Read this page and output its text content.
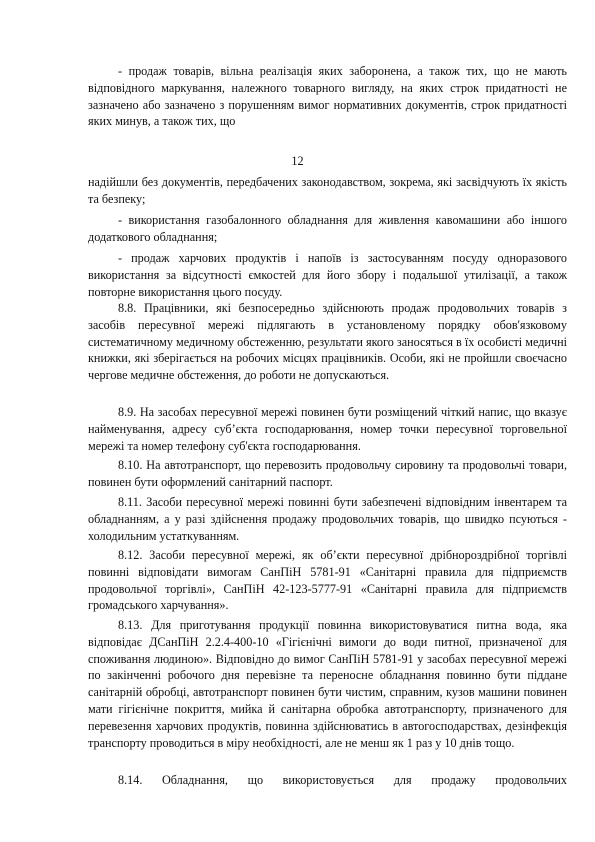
- продаж товарів, вільна реалізація яких заборонена, а також тих, що не мають відповідного маркування, належного товарного вигляду, на яких строк придатності не зазначено або зазначено з порушенням вимог нормативних документів, строк придатності яких минув, а також тих, що

12

надійшли без документів, передбачених законодавством, зокрема, які засвідчують їх якість та безпеку;

- використання газобалонного обладнання для живлення кавомашини або іншого додаткового обладнання;

- продаж харчових продуктів і напоїв із застосуванням посуду одноразового використання за відсутності ємкостей для його збору і подальшої утилізації, а також повторне використання цього посуду.

8.8. Працівники, які безпосередньо здійснюють продаж продовольчих товарів з засобів пересувної мережі підлягають в установленому порядку обов'язковому систематичному медичному обстеженню, результати якого заносяться в їх особисті медичні книжки, які зберігається на робочих місцях працівників. Особи, які не пройшли своєчасно чергове медичне обстеження, до роботи не допускаються.

8.9. На засобах пересувної мережі повинен бути розміщений чіткий напис, що вказує найменування, адресу суб’єкта господарювання, номер точки пересувної торговельної мережі та номер телефону суб'єкта господарювання.

8.10. На автотранспорт, що перевозить продовольчу сировину та продовольчі товари, повинен бути оформлений санітарний паспорт.

8.11. Засоби пересувної мережі повинні бути забезпечені відповідним інвентарем та обладнанням, а у разі здійснення продажу продовольчих товарів, що швидко псуються - холодильним устаткуванням.

8.12. Засоби пересувної мережі, як об’єкти пересувної дрібнороздрібної торгівлі повинні відповідати вимогам СанПіН 5781-91 «Санітарні правила для підприємств продовольчої торгівлі», СанПіН 42-123-5777-91 «Санітарні правила для підприємств громадського харчування».

8.13. Для приготування продукції повинна використовуватися питна вода, яка відповідає ДСанПіН 2.2.4-400-10 «Гігієнічні вимоги до води питної, призначеної для споживання людиною». Відповідно до вимог СанПіН 5781-91 у засобах пересувної мережі по закінченні робочого дня перевізне та переносне обладнання повинно бути піддане санітарній обробці, автотранспорт повинен бути чистим, справним, кузов машини повинен мати гігієнічне покриття, мийка й санітарна обробка автотранспорту, призначеного для перевезення харчових продуктів, повинна здійснюватись в автогосподарствах, дезінфекція транспорту проводиться в міру необхідності, але не менш як 1 раз у 10 днів тощо.

8.14. Обладнання, що використовується для продажу продовольчих
